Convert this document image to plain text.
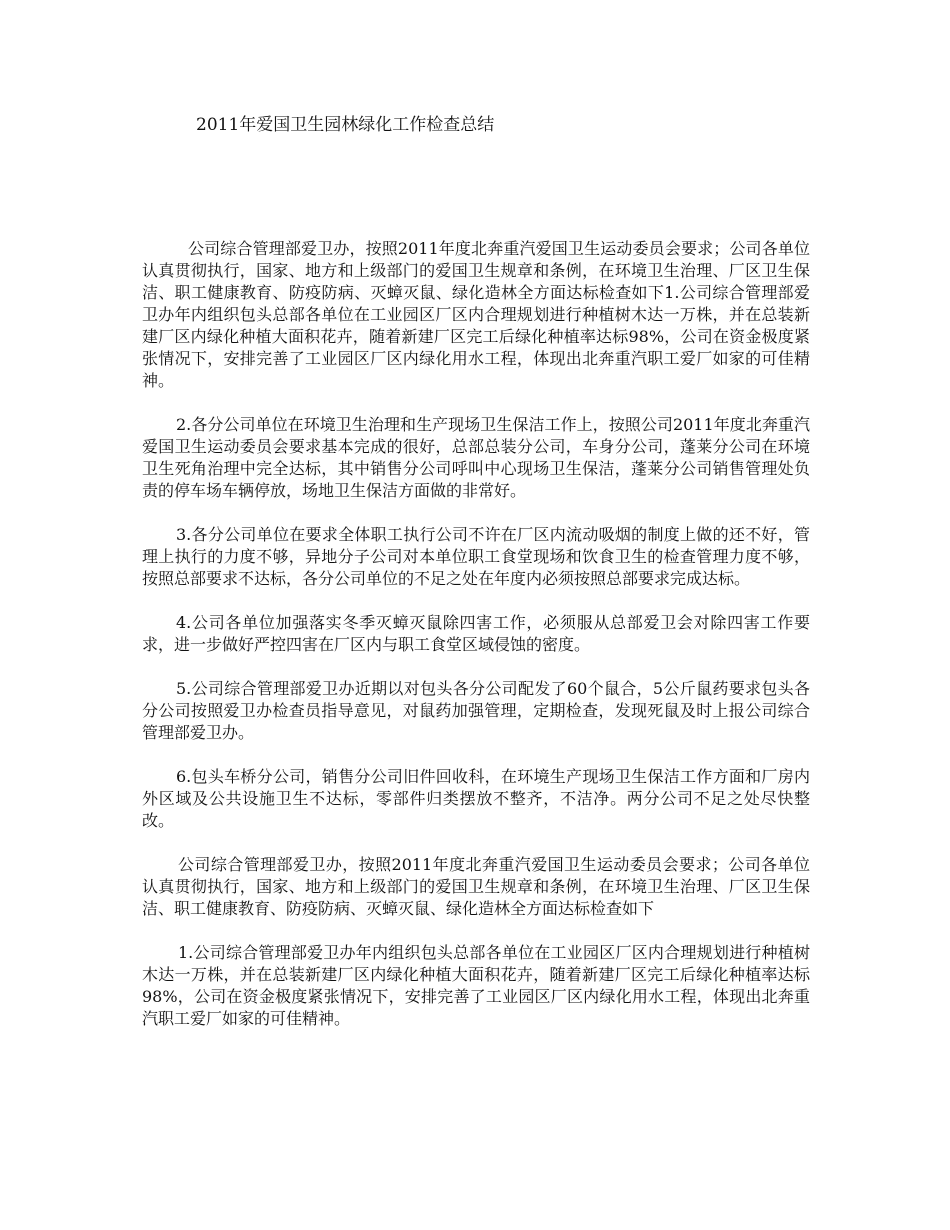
2011年爱国卫生园林绿化工作检查总结

公司综合管理部爱卫办，按照2011年度北奔重汽爱国卫生运动委员会要求；公司各单位认真贯彻执行，国家、地方和上级部门的爱国卫生规章和条例，在环境卫生治理、厂区卫生保洁、职工健康教育、防疫防病、灭蟑灭鼠、绿化造林全方面达标检查如下1.公司综合管理部爱卫办年内组织包头总部各单位在工业园区厂区内合理规划进行种植树木达一万株，并在总装新建厂区内绿化种植大面积花卉，随着新建厂区完工后绿化种植率达标98%，公司在资金极度紧张情况下，安排完善了工业园区厂区内绿化用水工程，体现出北奔重汽职工爱厂如家的可佳精神。

2.各分公司单位在环境卫生治理和生产现场卫生保洁工作上，按照公司2011年度北奔重汽爱国卫生运动委员会要求基本完成的很好，总部总装分公司，车身分公司，蓬莱分公司在环境卫生死角治理中完全达标，其中销售分公司呼叫中心现场卫生保洁，蓬莱分公司销售管理处负责的停车场车辆停放，场地卫生保洁方面做的非常好。

3.各分公司单位在要求全体职工执行公司不许在厂区内流动吸烟的制度上做的还不好，管理上执行的力度不够，异地分子公司对本单位职工食堂现场和饮食卫生的检查管理力度不够，按照总部要求不达标，各分公司单位的不足之处在年度内必须按照总部要求完成达标。

4.公司各单位加强落实冬季灭蟑灭鼠除四害工作，必须服从总部爱卫会对除四害工作要求，进一步做好严控四害在厂区内与职工食堂区域侵蚀的密度。

5.公司综合管理部爱卫办近期以对包头各分公司配发了60个鼠合，5公斤鼠药要求包头各分公司按照爱卫办检查员指导意见，对鼠药加强管理，定期检查，发现死鼠及时上报公司综合管理部爱卫办。

6.包头车桥分公司，销售分公司旧件回收科，在环境生产现场卫生保洁工作方面和厂房内外区域及公共设施卫生不达标，零部件归类摆放不整齐，不洁净。两分公司不足之处尽快整改。

公司综合管理部爱卫办，按照2011年度北奔重汽爱国卫生运动委员会要求；公司各单位认真贯彻执行，国家、地方和上级部门的爱国卫生规章和条例，在环境卫生治理、厂区卫生保洁、职工健康教育、防疫防病、灭蟑灭鼠、绿化造林全方面达标检查如下

1.公司综合管理部爱卫办年内组织包头总部各单位在工业园区厂区内合理规划进行种植树木达一万株，并在总装新建厂区内绿化种植大面积花卉，随着新建厂区完工后绿化种植率达标98%，公司在资金极度紧张情况下，安排完善了工业园区厂区内绿化用水工程，体现出北奔重汽职工爱厂如家的可佳精神。
